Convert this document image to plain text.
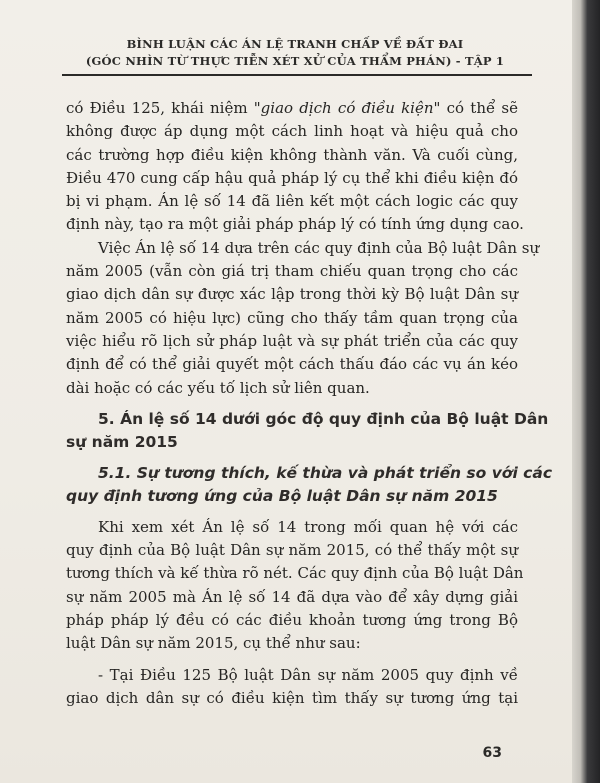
BÌNH LUẬN CÁC ÁN LỆ TRANH CHẤP VỀ ĐẤT ĐAI
(GÓC NHÌN TỪ THỰC TIỄN XÉT XỬ CỦA THẨM PHÁN) - TẬP 1
có Điều 125, khái niệm "giao dịch có điều kiện" có thể sẽ
không được áp dụng một cách linh hoạt và hiệu quả cho
các trường hợp điều kiện không thành văn. Và cuối cùng,
Điều 470 cung cấp hậu quả pháp lý cụ thể khi điều kiện đó
bị vi phạm. Án lệ số 14 đã liên kết một cách logic các quy
định này, tạo ra một giải pháp pháp lý có tính ứng dụng cao.
Việc Án lệ số 14 dựa trên các quy định của Bộ luật Dân sự
năm 2005 (vẫn còn giá trị tham chiếu quan trọng cho các
giao dịch dân sự được xác lập trong thời kỳ Bộ luật Dân sự
năm 2005 có hiệu lực) cũng cho thấy tầm quan trọng của
việc hiểu rõ lịch sử pháp luật và sự phát triển của các quy
định để có thể giải quyết một cách thấu đáo các vụ án kéo
dài hoặc có các yếu tố lịch sử liên quan.
5. Án lệ số 14 dưới góc độ quy định của Bộ luật Dân
sự năm 2015
5.1. Sự tương thích, kế thừa và phát triển so với các
quy định tương ứng của Bộ luật Dân sự năm 2015
Khi xem xét Án lệ số 14 trong mối quan hệ với các
quy định của Bộ luật Dân sự năm 2015, có thể thấy một sự
tương thích và kế thừa rõ nét. Các quy định của Bộ luật Dân
sự năm 2005 mà Án lệ số 14 đã dựa vào để xây dựng giải
pháp pháp lý đều có các điều khoản tương ứng trong Bộ
luật Dân sự năm 2015, cụ thể như sau:
- Tại Điều 125 Bộ luật Dân sự năm 2005 quy định về
giao dịch dân sự có điều kiện tìm thấy sự tương ứng tại
63
